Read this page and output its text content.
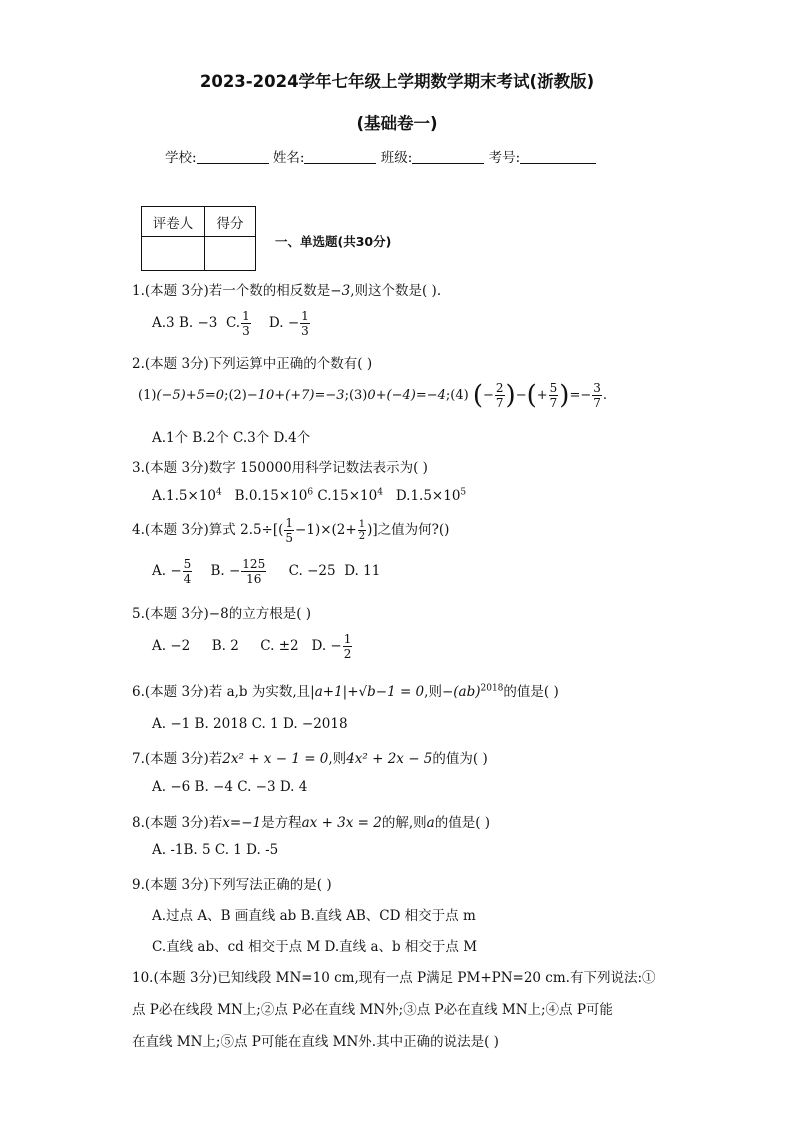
2023-2024学年七年级上学期数学期末考试(浙教版)
(基础卷一)
学校:	姓名:	班级:	考号:
评卷人	得分

一、单选题(共30分)
1.(本题 3分)若一个数的相反数是−3,则这个数是( ).
A.3 B. −3 C. $\frac{1}{3} D$. − $\frac{1}{3}$
2.(本题 3分)下列运算中正确的个数有( )
(1)(−5)+5=0;(2)−10+(+7)=−3;(3)0+(−4)=−4;(4) (− $\frac{2}{7}$ )−(+ $\frac{5}{7}$ )=− $\frac{3}{7}$ .
A.1个 B.2个 C.3个 D.4个
3.(本题 3分)数字 150000用科学记数法表示为( )
$A.1.5\times 10^4$ $B.0.15\times 10^6$ $C.15\times 10^4$ $D.1.5\times 10^5$
4.(本题 3分)算式 $2.5\div[( \frac{1}{5} -1)\times(2+ \frac{1}{2}$ )]之值为何?()
A. − $\frac{5}{4} B$. − $\frac{125}{16} C$. −25 D. 11
5.(本题 3分)−8的立方根是( )
A. −2 B. 2 C. ±2 D. − $\frac{1}{2}$
6.(本题 3分)若 a,b 为实数,且|a+1|+√b−1 = 0,则−(ab)$^{2018}$的值是( )
A. −1 B. 2018 C. 1 D. −2018
7.(本题 3分)若2x² + x − 1 = 0,则4x² + 2x − 5的值为( )
A. −6 B. −4 C. −3 D. 4
8.(本题 3分)若x=−1是方程ax + 3x = 2的解,则a的值是( )
A. -1B. 5 C. 1 D. -5
9.(本题 3分)下列写法正确的是( )
A.过点 A、B 画直线 ab B.直线 AB、CD 相交于点 m
C.直线 ab、cd 相交于点 M D.直线 a、b 相交于点 M
10.(本题 3分)已知线段 MN=10 cm,现有一点 P满足 PM+PN=20 cm.有下列说法:①
点 P必在线段 MN上;②点 P必在直线 MN外;③点 P必在直线 MN上;④点 P可能
在直线 MN上;⑤点 P可能在直线 MN外.其中正确的说法是( )
